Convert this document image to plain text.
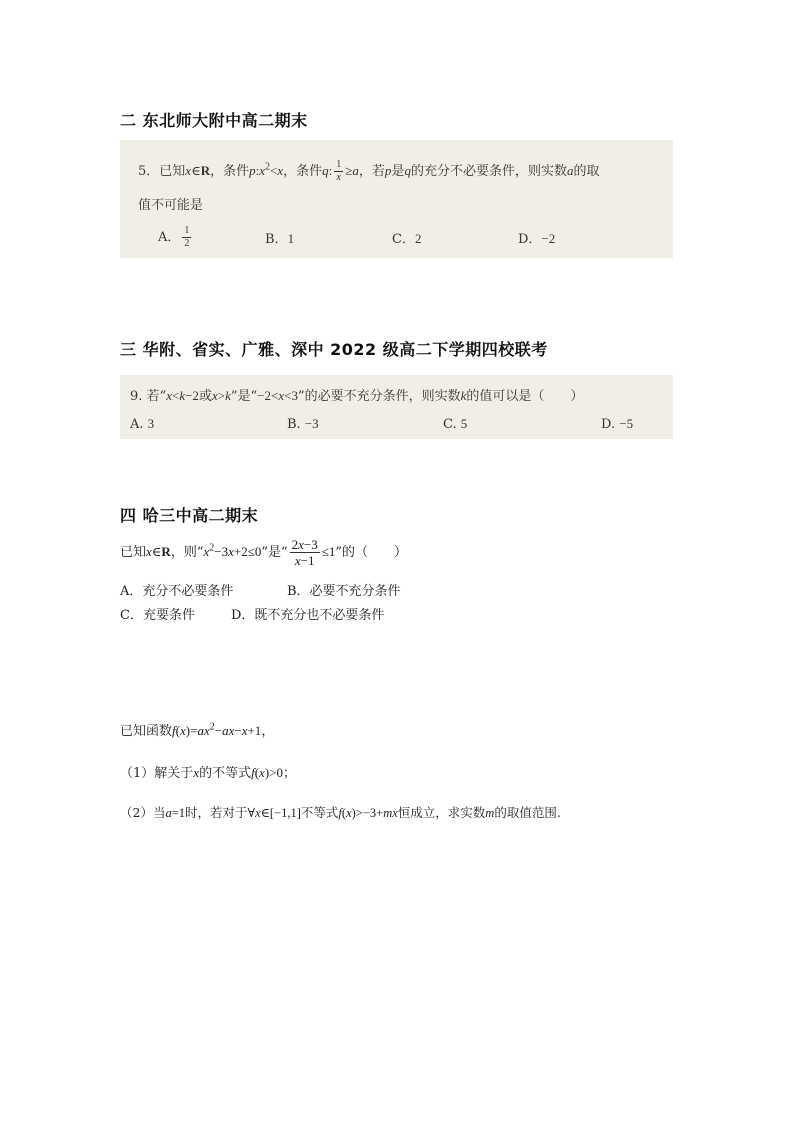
二 东北师大附中高二期末
5．已知x∈R，条件$p:x^2<x$，条件q: $\frac{1}{x} \ge a$，若p是q的充分不必要条件，则实数a的取
值不可能是
A． $\frac{1}{2}$	B．1	C．2	D．−2
三 华附、省实、广雅、深中 2022 级高二下学期四校联考
9. 若“x<k−2或x>k”是“−2<x<3”的必要不充分条件，则实数k的值可以是（　　）
A. 3	B. −3	C. 5	D. −5
四 哈三中高二期末
已知x∈R，则“$x^2-3x+2\le 0$”是“ $\frac{2x-3}{x-1} \le 1$”的（　　）
A．充分不必要条件	B．必要不充分条件
C．充要条件	D．既不充分也不必要条件
已知函数$f(x)=ax^2-ax-x+1$，
（1）解关于x的不等式f(x)>0；
（2）当a=1时，若对于∀x∈[−1,1]不等式f(x)>−3+mx恒成立，求实数m的取值范围.
